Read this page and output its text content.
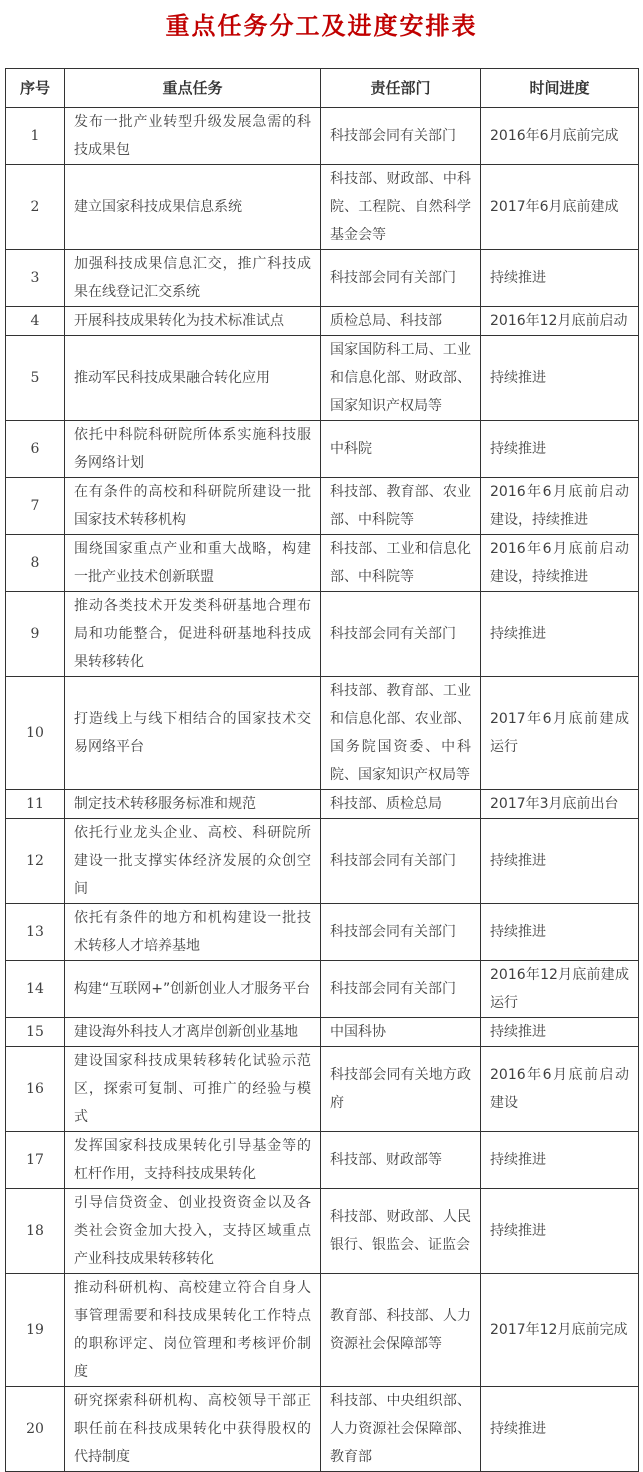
重点任务分工及进度安排表
序号	重点任务	责任部门	时间进度
1	发布一批产业转型升级发展急需的科技成果包	科技部会同有关部门	2016年6月底前完成
2	建立国家科技成果信息系统	科技部、财政部、中科院、工程院、自然科学基金会等	2017年6月底前建成
3	加强科技成果信息汇交，推广科技成果在线登记汇交系统	科技部会同有关部门	持续推进
4	开展科技成果转化为技术标准试点	质检总局、科技部	2016年12月底前启动
5	推动军民科技成果融合转化应用	国家国防科工局、工业和信息化部、财政部、国家知识产权局等	持续推进
6	依托中科院科研院所体系实施科技服务网络计划	中科院	持续推进
7	在有条件的高校和科研院所建设一批国家技术转移机构	科技部、教育部、农业部、中科院等	2016年6月底前启动建设，持续推进
8	围绕国家重点产业和重大战略，构建一批产业技术创新联盟	科技部、工业和信息化部、中科院等	2016年6月底前启动建设，持续推进
9	推动各类技术开发类科研基地合理布局和功能整合，促进科研基地科技成果转移转化	科技部会同有关部门	持续推进
10	打造线上与线下相结合的国家技术交易网络平台	科技部、教育部、工业和信息化部、农业部、国务院国资委、中科院、国家知识产权局等	2017年6月底前建成运行
11	制定技术转移服务标准和规范	科技部、质检总局	2017年3月底前出台
12	依托行业龙头企业、高校、科研院所建设一批支撑实体经济发展的众创空间	科技部会同有关部门	持续推进
13	依托有条件的地方和机构建设一批技术转移人才培养基地	科技部会同有关部门	持续推进
14	构建“互联网+”创新创业人才服务平台	科技部会同有关部门	2016年12月底前建成运行
15	建设海外科技人才离岸创新创业基地	中国科协	持续推进
16	建设国家科技成果转移转化试验示范区，探索可复制、可推广的经验与模式	科技部会同有关地方政府	2016年6月底前启动建设
17	发挥国家科技成果转化引导基金等的杠杆作用，支持科技成果转化	科技部、财政部等	持续推进
18	引导信贷资金、创业投资资金以及各类社会资金加大投入，支持区域重点产业科技成果转移转化	科技部、财政部、人民银行、银监会、证监会	持续推进
19	推动科研机构、高校建立符合自身人事管理需要和科技成果转化工作特点的职称评定、岗位管理和考核评价制度	教育部、科技部、人力资源社会保障部等	2017年12月底前完成
20	研究探索科研机构、高校领导干部正职任前在科技成果转化中获得股权的代持制度	科技部、中央组织部、人力资源社会保障部、教育部	持续推进
